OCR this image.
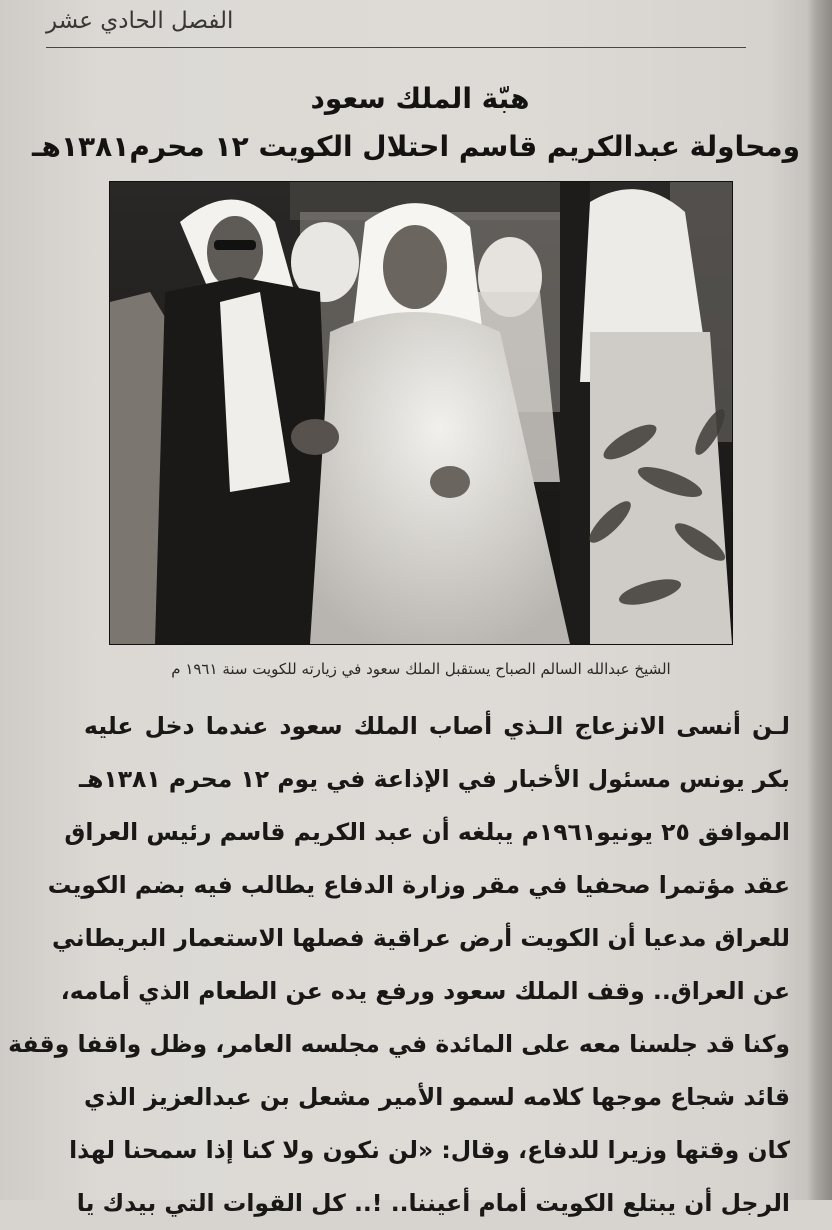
الفصل الحادي عشر
هبّة الملك سعود
ومحاولة عبدالكريم قاسم احتلال الكويت ١٢ محرم١٣٨١هـ
الشيخ عبدالله السالم الصباح يستقبل الملك سعود في زيارته للكويت سنة ١٩٦١ م
لـن أنسى الانزعاج الـذي أصاب الملك سعود عندما دخل عليه
بكر يونس مسئول الأخبار في الإذاعة في يوم ١٢ محرم ١٣٨١هـ
الموافق ٢٥ يونيو١٩٦١م يبلغه أن عبد الكريم قاسم رئيس العراق
عقد مؤتمرا صحفيا في مقر وزارة الدفاع يطالب فيه بضم الكويت
للعراق مدعيا أن الكويت أرض عراقية فصلها الاستعمار البريطاني
عن العراق.. وقف الملك سعود ورفع يده عن الطعام الذي أمامه،
وكنا قد جلسنا معه على المائدة في مجلسه العامر، وظل واقفا وقفة
قائد شجاع موجها كلامه لسمو الأمير مشعل بن عبدالعزيز الذي
كان وقتها وزيرا للدفاع، وقال: «لن نكون ولا كنا إذا سمحنا لهذا
الرجل أن يبتلع الكويت أمام أعيننا.. !.. كل القوات التي بيدك يا
